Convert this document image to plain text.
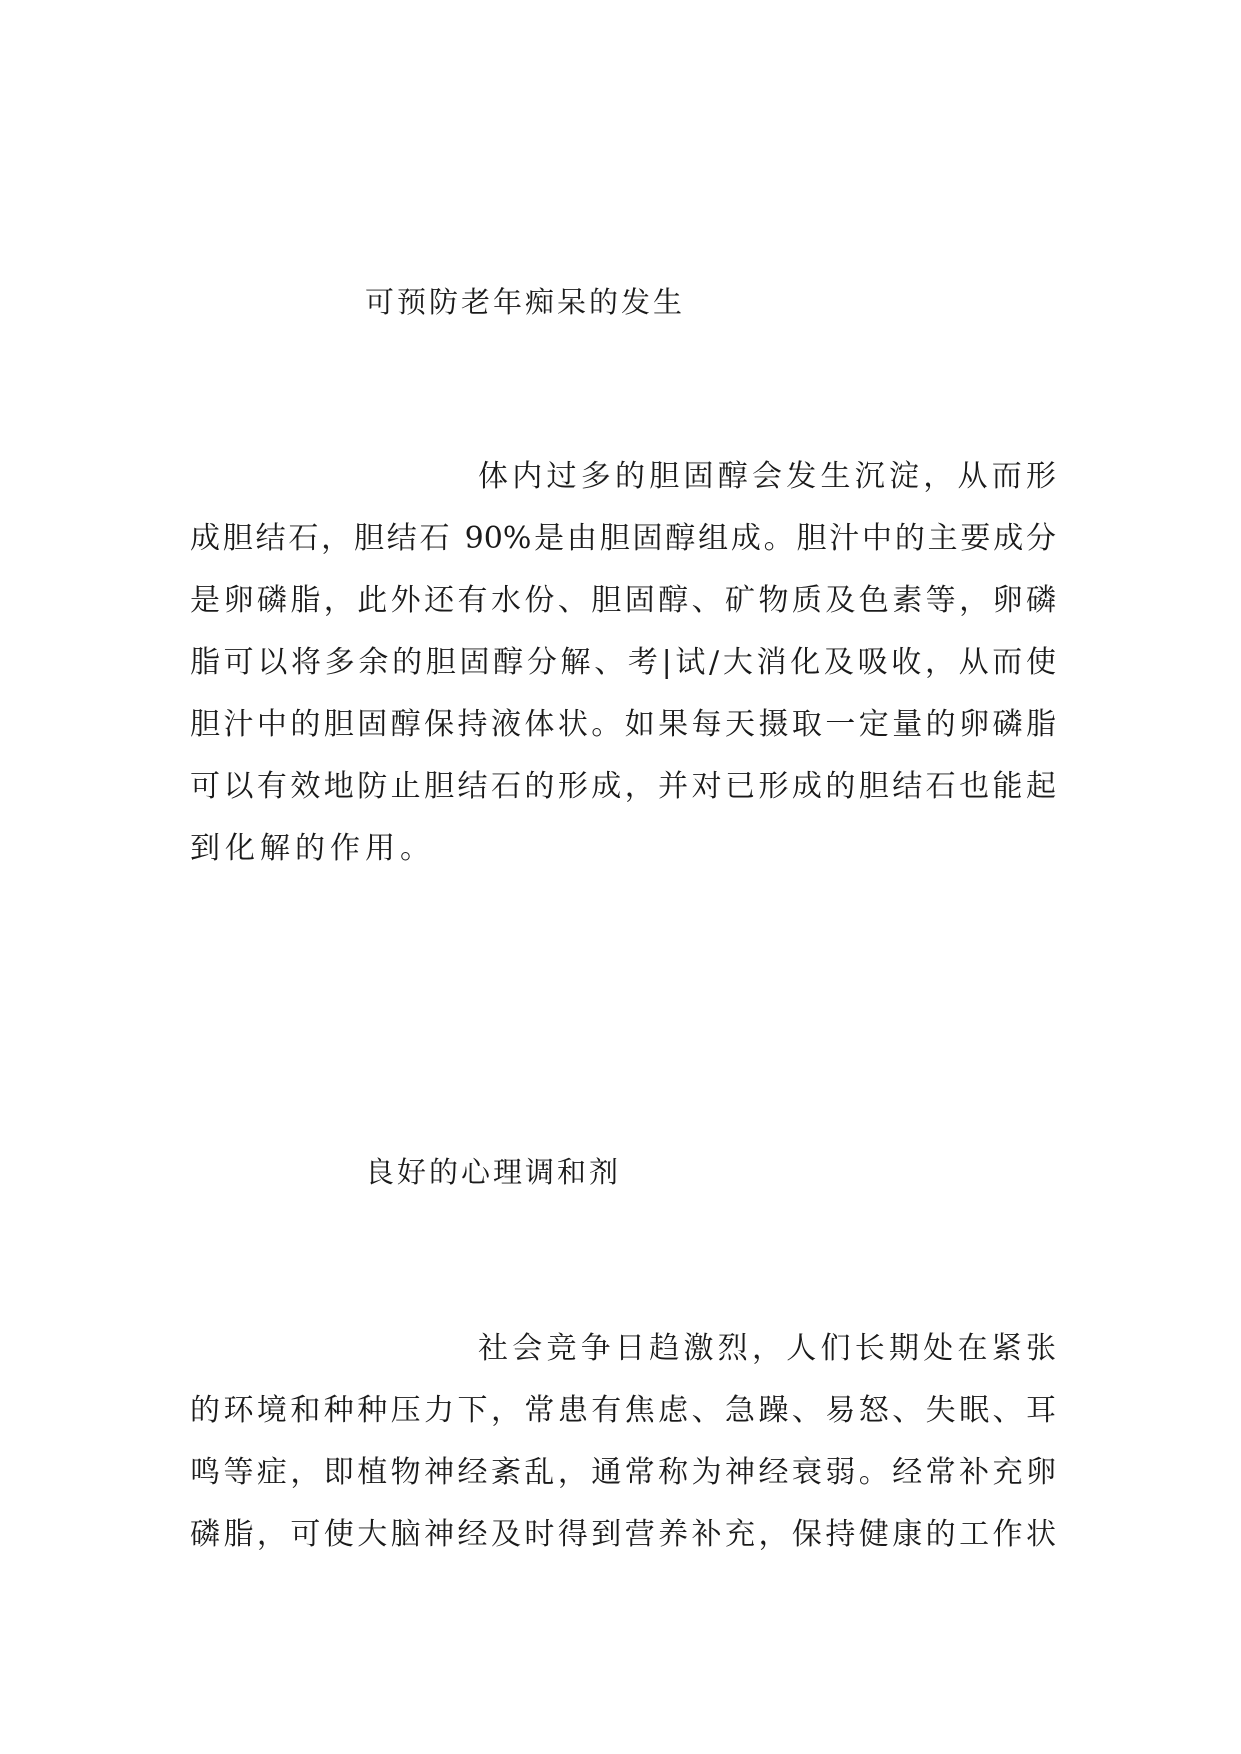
可预防老年痴呆的发生
体内过多的胆固醇会发生沉淀，从而形
成胆结石，胆结石 90%是由胆固醇组成。胆汁中的主要成分
是卵磷脂，此外还有水份、胆固醇、矿物质及色素等，卵磷
脂可以将多余的胆固醇分解、考|试/大消化及吸收，从而使
胆汁中的胆固醇保持液体状。如果每天摄取一定量的卵磷脂
可以有效地防止胆结石的形成，并对已形成的胆结石也能起
到化解的作用。
良好的心理调和剂
社会竞争日趋激烈，人们长期处在紧张
的环境和种种压力下，常患有焦虑、急躁、易怒、失眠、耳
鸣等症，即植物神经紊乱，通常称为神经衰弱。经常补充卵
磷脂，可使大脑神经及时得到营养补充，保持健康的工作状
